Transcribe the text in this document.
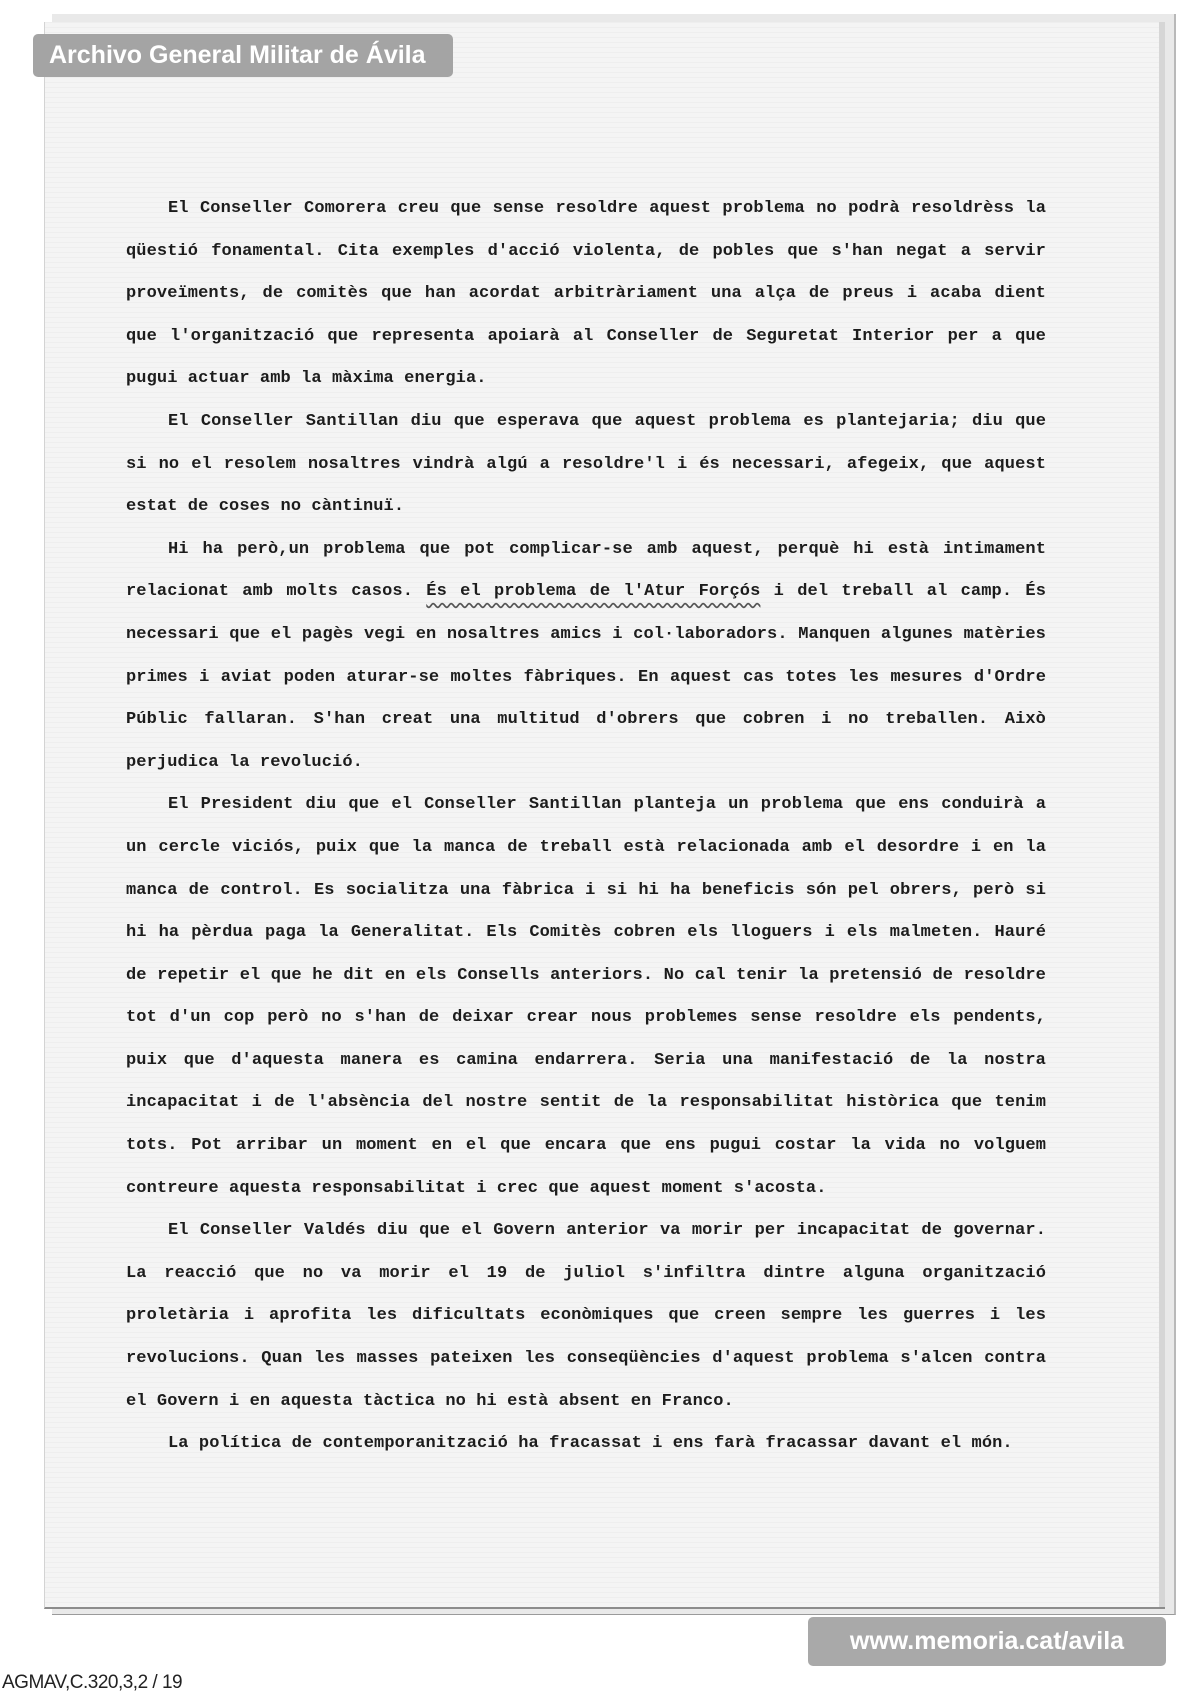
Archivo General Militar de Ávila

El Conseller Comorera creu que sense resoldre aquest problema no podrà resoldrèss la qüestió fonamental. Cita exemples d'acció violenta, de pobles que s'han negat a servir proveïments, de comitès que han acordat arbitràriament una alça de preus i acaba dient que l'organització que representa apoiarà al Conseller de Seguretat Interior per a que pugui actuar amb la màxima energia.

El Conseller Santillan diu que esperava que aquest problema es plantejaria; diu que si no el resolem nosaltres vindrà algú a resoldre'l i és necessari, afegeix, que aquest estat de coses no càntinuï.

Hi ha però,un problema que pot complicar-se amb aquest, perquè hi està intimament relacionat amb molts casos. És el problema de l'Atur Forçós i del treball al camp. És necessari que el pagès vegi en nosaltres amics i col·laboradors. Manquen algunes matèries primes i aviat poden aturar-se moltes fàbriques. En aquest cas totes les mesures d'Ordre Públic fallaran. S'han creat una multitud d'obrers que cobren i no treballen. Això perjudica la revolució.

El President diu que el Conseller Santillan planteja un problema que ens conduirà a un cercle viciós, puix que la manca de treball està relacionada amb el desordre i en la manca de control. Es socialitza una fàbrica i si hi ha beneficis són pel obrers, però si hi ha pèrdua paga la Generalitat. Els Comitès cobren els lloguers i els malmeten. Hauré de repetir el que he dit en els Consells anteriors. No cal tenir la pretensió de resoldre tot d'un cop però no s'han de deixar crear nous problemes sense resoldre els pendents, puix que d'aquesta manera es camina endarrera. Seria una manifestació de la nostra incapacitat i de l'absència del nostre sentit de la responsabilitat històrica que tenim tots. Pot arribar un moment en el que encara que ens pugui costar la vida no volguem contreure aquesta responsabilitat i crec que aquest moment s'acosta.

El Conseller Valdés diu que el Govern anterior va morir per incapacitat de governar. La reacció que no va morir el 19 de juliol s'infiltra dintre alguna organització proletària i aprofita les dificultats econòmiques que creen sempre les guerres i les revolucions. Quan les masses pateixen les conseqüències d'aquest problema s'alcen contra el Govern i en aquesta tàctica no hi està absent en Franco.

La política de contemporanització ha fracassat i ens farà fracassar davant el món.

www.memoria.cat/avila
AGMAV,C.320,3,2 / 19
